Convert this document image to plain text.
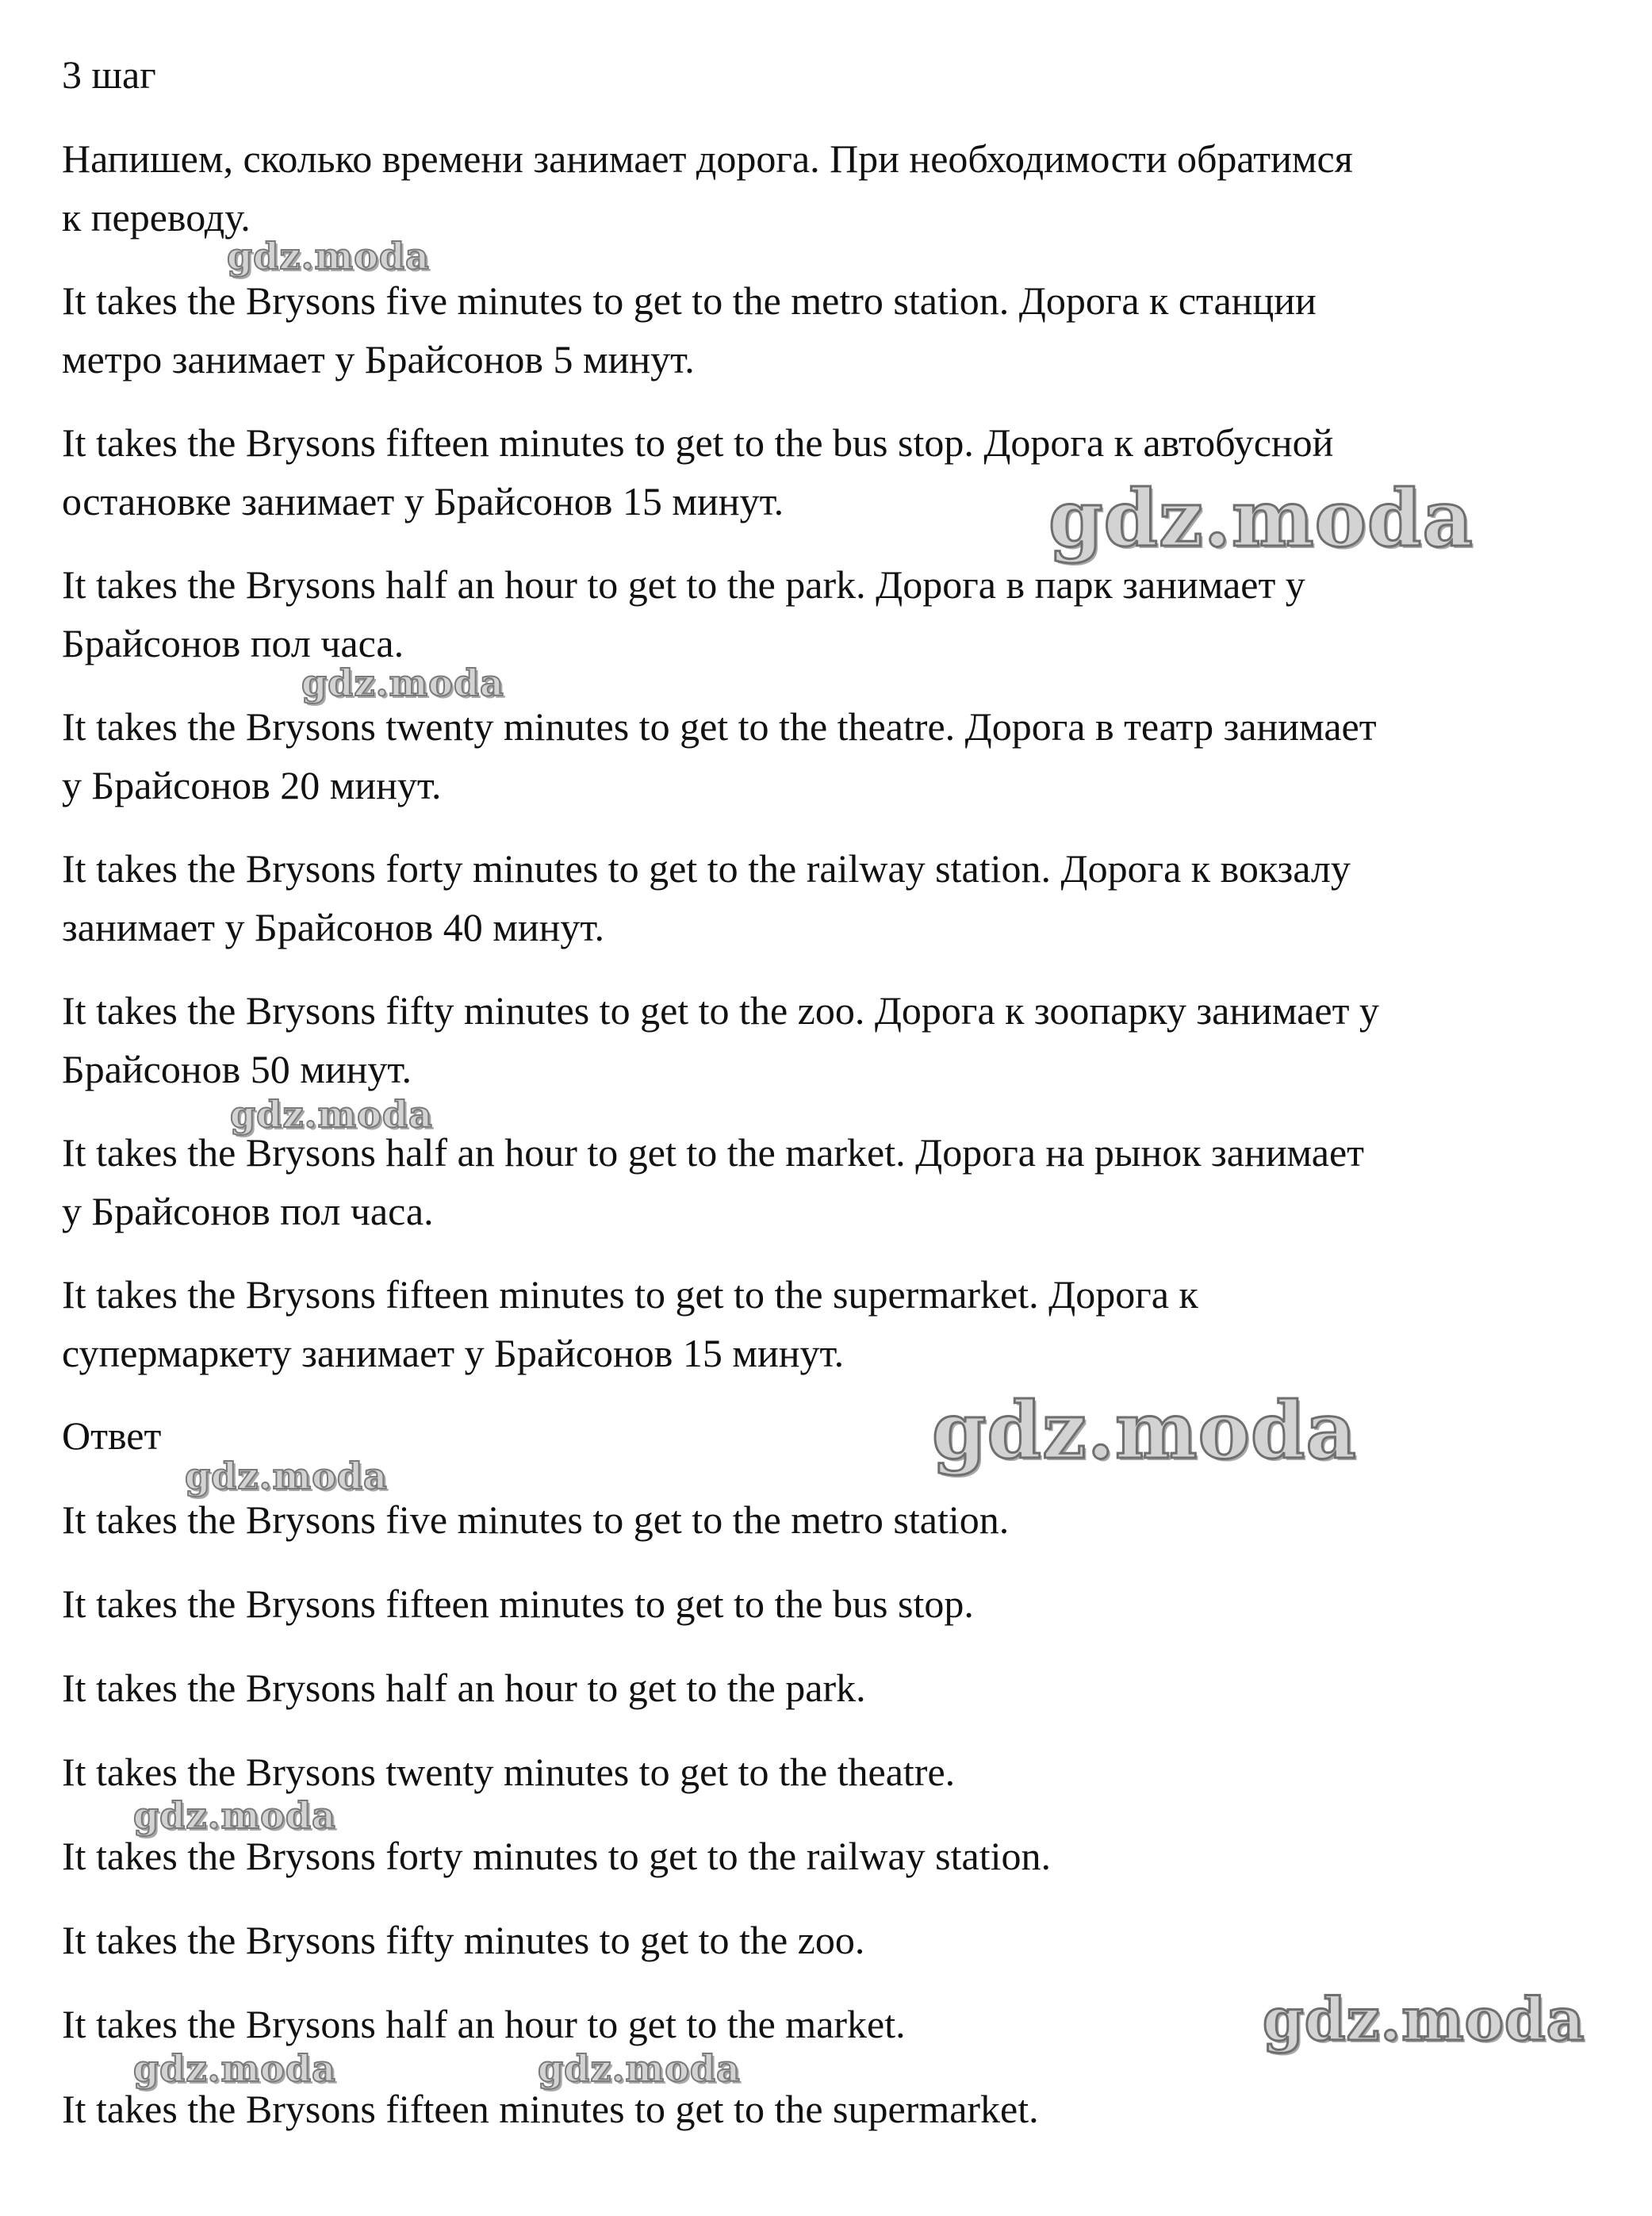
3 шаг

Напишем, сколько времени занимает дорога. При необходимости обратимся

к переводу.

It takes the Brysons five minutes to get to the metro station. Дорога к станции

метро занимает у Брайсонов 5 минут.

It takes the Brysons fifteen minutes to get to the bus stop. Дорога к автобусной

остановке занимает у Брайсонов 15 минут.

It takes the Brysons half an hour to get to the park. Дорога в парк занимает у

Брайсонов пол часа.

It takes the Brysons twenty minutes to get to the theatre. Дорога в театр занимает

у Брайсонов 20 минут.

It takes the Brysons forty minutes to get to the railway station. Дорога к вокзалу

занимает у Брайсонов 40 минут.

It takes the Brysons fifty minutes to get to the zoo. Дорога к зоопарку занимает у

Брайсонов 50 минут.

It takes the Brysons half an hour to get to the market. Дорога на рынок занимает

у Брайсонов пол часа.

It takes the Brysons fifteen minutes to get to the supermarket. Дорога к

супермаркету занимает у Брайсонов 15 минут.

Ответ

It takes the Brysons five minutes to get to the metro station.

It takes the Brysons fifteen minutes to get to the bus stop.

It takes the Brysons half an hour to get to the park.

It takes the Brysons twenty minutes to get to the theatre.

It takes the Brysons forty minutes to get to the railway station.

It takes the Brysons fifty minutes to get to the zoo.

It takes the Brysons half an hour to get to the market.

It takes the Brysons fifteen minutes to get to the supermarket.

gdz.moda
gdz.moda
gdz.moda
gdz.moda
gdz.moda
gdz.moda
gdz.moda
gdz.moda
gdz.moda	gdz.moda
